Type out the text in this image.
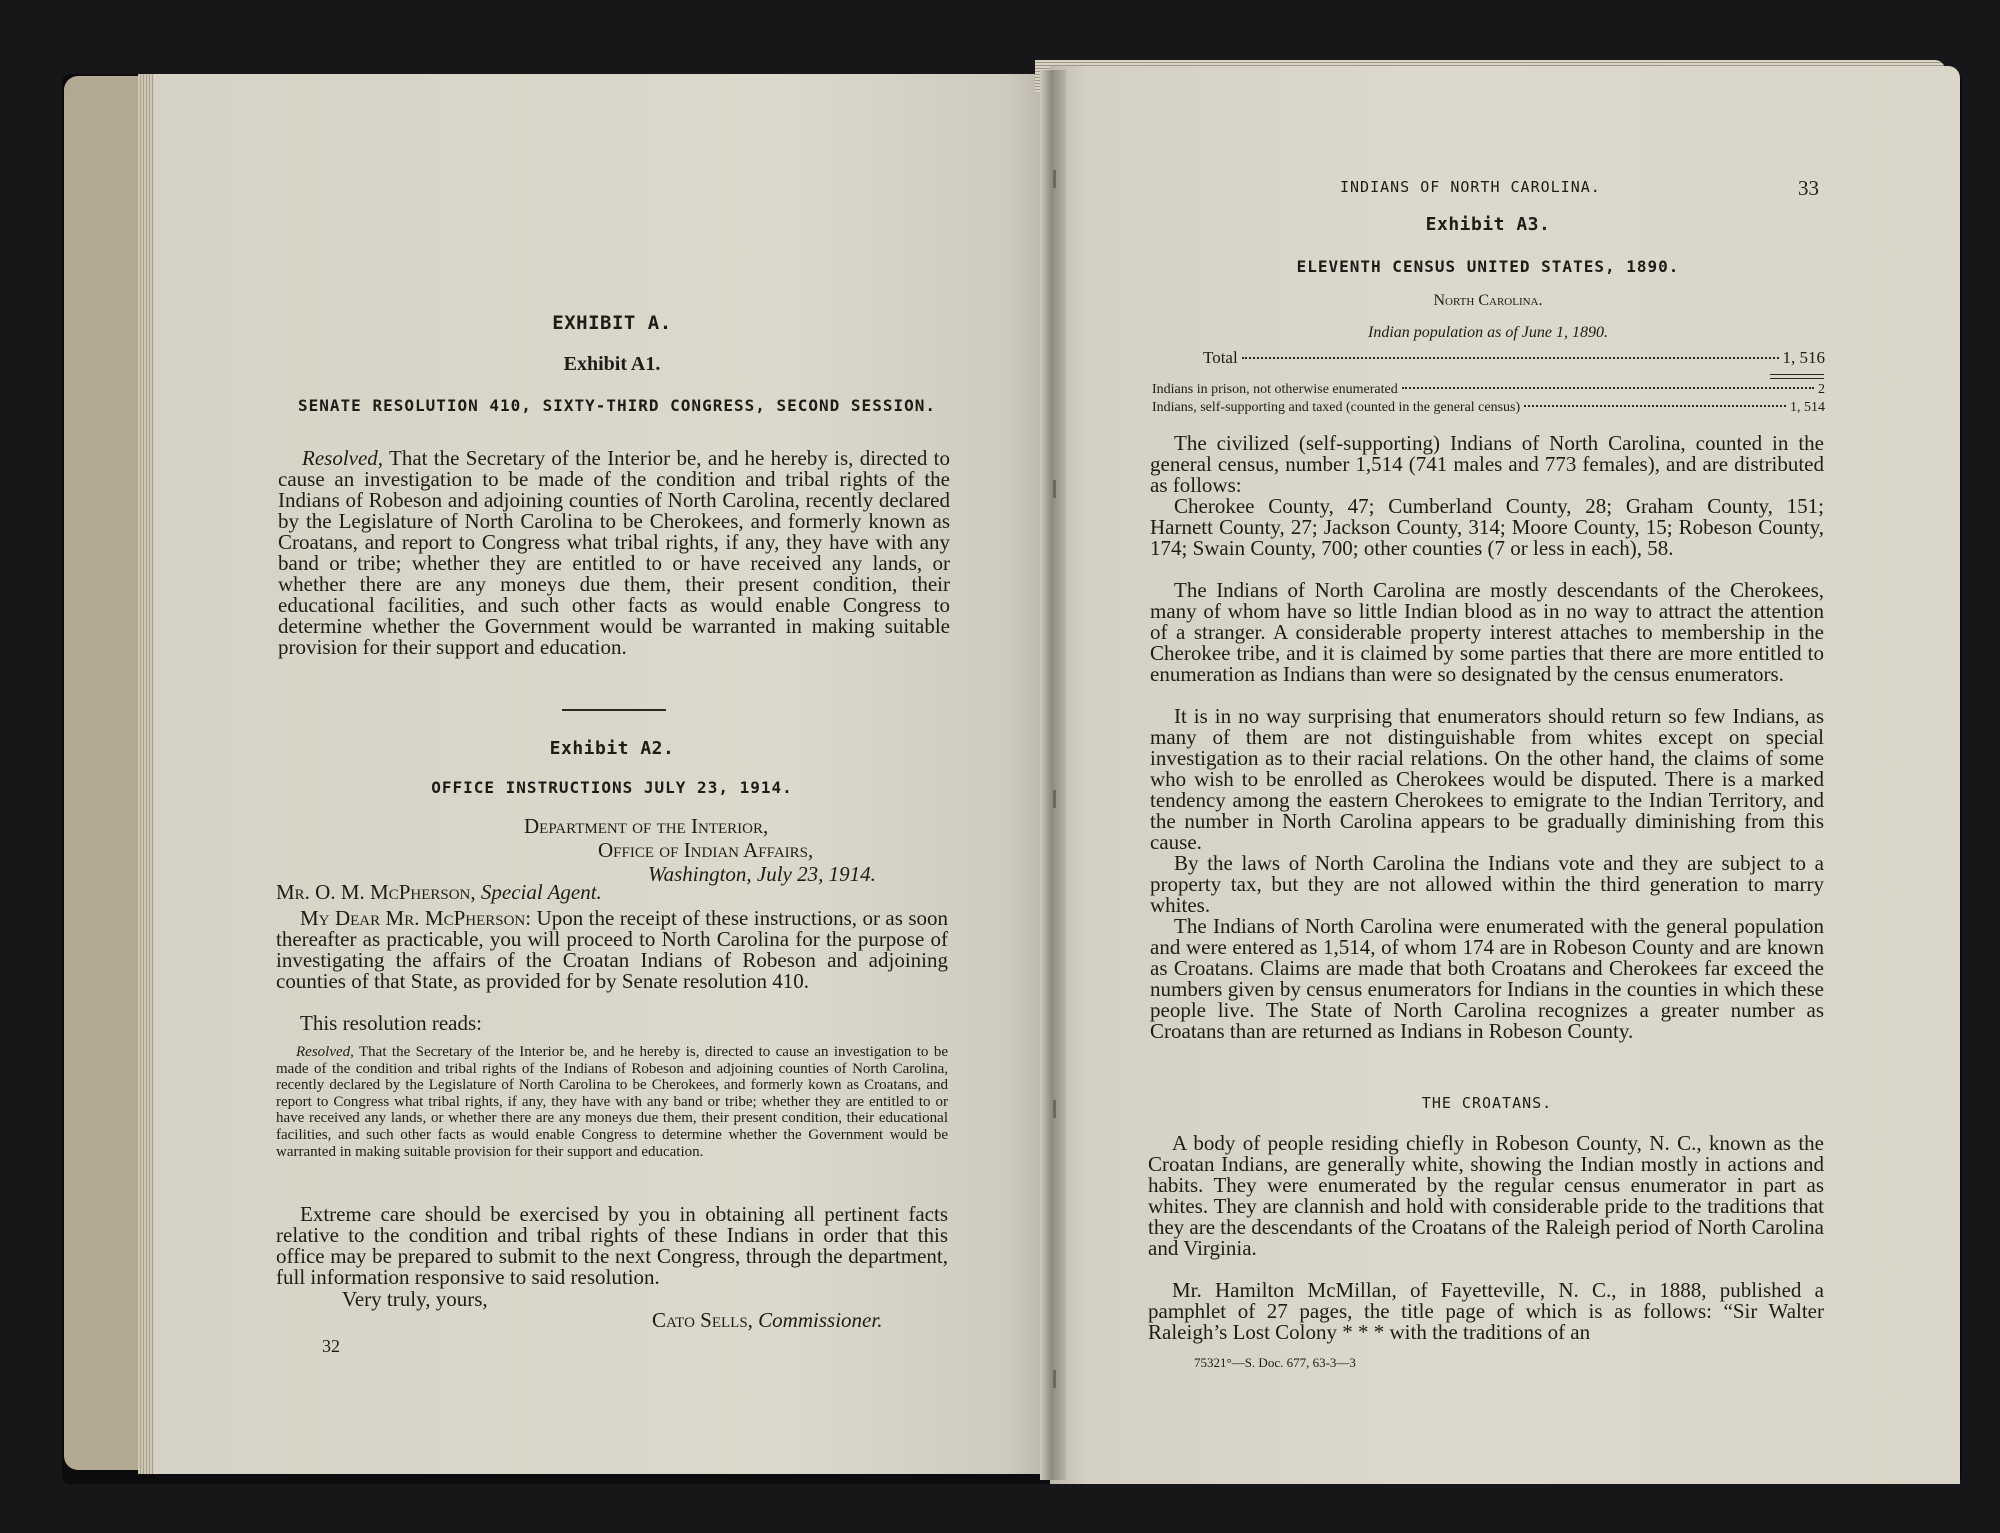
EXHIBIT A.
Exhibit A1.
SENATE RESOLUTION 410, SIXTY-THIRD CONGRESS, SECOND SESSION.
Resolved, That the Secretary of the Interior be, and he hereby is, directed to cause an investigation to be made of the condition and tribal rights of the Indians of Robeson and adjoining counties of North Carolina, recently declared by the Legislature of North Carolina to be Cherokees, and formerly known as Croatans, and report to Congress what tribal rights, if any, they have with any band or tribe; whether they are entitled to or have received any lands, or whether there are any moneys due them, their present condition, their educational facilities, and such other facts as would enable Congress to determine whether the Government would be warranted in making suitable provision for their support and education.
Exhibit A2.
OFFICE INSTRUCTIONS JULY 23, 1914.
Department of the Interior,
Office of Indian Affairs,
Washington, July 23, 1914.
Mr. O. M. McPherson, Special Agent.
My Dear Mr. McPherson: Upon the receipt of these instructions, or as soon thereafter as practicable, you will proceed to North Carolina for the purpose of investigating the affairs of the Croatan Indians of Robeson and adjoining counties of that State, as provided for by Senate resolution 410.
This resolution reads:
Resolved, That the Secretary of the Interior be, and he hereby is, directed to cause an investigation to be made of the condition and tribal rights of the Indians of Robeson and adjoining counties of North Carolina, recently declared by the Legislature of North Carolina to be Cherokees, and formerly kown as Croatans, and report to Congress what tribal rights, if any, they have with any band or tribe; whether they are entitled to or have received any lands, or whether there are any moneys due them, their present condition, their educational facilities, and such other facts as would enable Congress to determine whether the Government would be warranted in making suitable provision for their support and education.
Extreme care should be exercised by you in obtaining all pertinent facts relative to the condition and tribal rights of these Indians in order that this office may be prepared to submit to the next Congress, through the department, full information responsive to said resolution.
Very truly, yours,
Cato Sells, Commissioner.
32
INDIANS OF NORTH CAROLINA.	33
Exhibit A3.
ELEVENTH CENSUS UNITED STATES, 1890.
North Carolina.
Indian population as of June 1, 1890.
Total	1, 516
Indians in prison, not otherwise enumerated	2
Indians, self-supporting and taxed (counted in the general census)	1, 514
The civilized (self-supporting) Indians of North Carolina, counted in the general census, number 1,514 (741 males and 773 females), and are distributed as follows:
Cherokee County, 47; Cumberland County, 28; Graham County, 151; Harnett County, 27; Jackson County, 314; Moore County, 15; Robeson County, 174; Swain County, 700; other counties (7 or less in each), 58.
The Indians of North Carolina are mostly descendants of the Cherokees, many of whom have so little Indian blood as in no way to attract the attention of a stranger. A considerable property interest attaches to membership in the Cherokee tribe, and it is claimed by some parties that there are more entitled to enumeration as Indians than were so designated by the census enumerators.
It is in no way surprising that enumerators should return so few Indians, as many of them are not distinguishable from whites except on special investigation as to their racial relations. On the other hand, the claims of some who wish to be enrolled as Cherokees would be disputed. There is a marked tendency among the eastern Cherokees to emigrate to the Indian Territory, and the number in North Carolina appears to be gradually diminishing from this cause.
By the laws of North Carolina the Indians vote and they are subject to a property tax, but they are not allowed within the third generation to marry whites.
The Indians of North Carolina were enumerated with the general population and were entered as 1,514, of whom 174 are in Robeson County and are known as Croatans. Claims are made that both Croatans and Cherokees far exceed the numbers given by census enumerators for Indians in the counties in which these people live. The State of North Carolina recognizes a greater number as Croatans than are returned as Indians in Robeson County.
THE CROATANS.
A body of people residing chiefly in Robeson County, N. C., known as the Croatan Indians, are generally white, showing the Indian mostly in actions and habits. They were enumerated by the regular census enumerator in part as whites. They are clannish and hold with considerable pride to the traditions that they are the descendants of the Croatans of the Raleigh period of North Carolina and Virginia.
Mr. Hamilton McMillan, of Fayetteville, N. C., in 1888, published a pamphlet of 27 pages, the title page of which is as follows: “Sir Walter Raleigh’s Lost Colony * * * with the traditions of an
75321°—S. Doc. 677, 63-3—3
